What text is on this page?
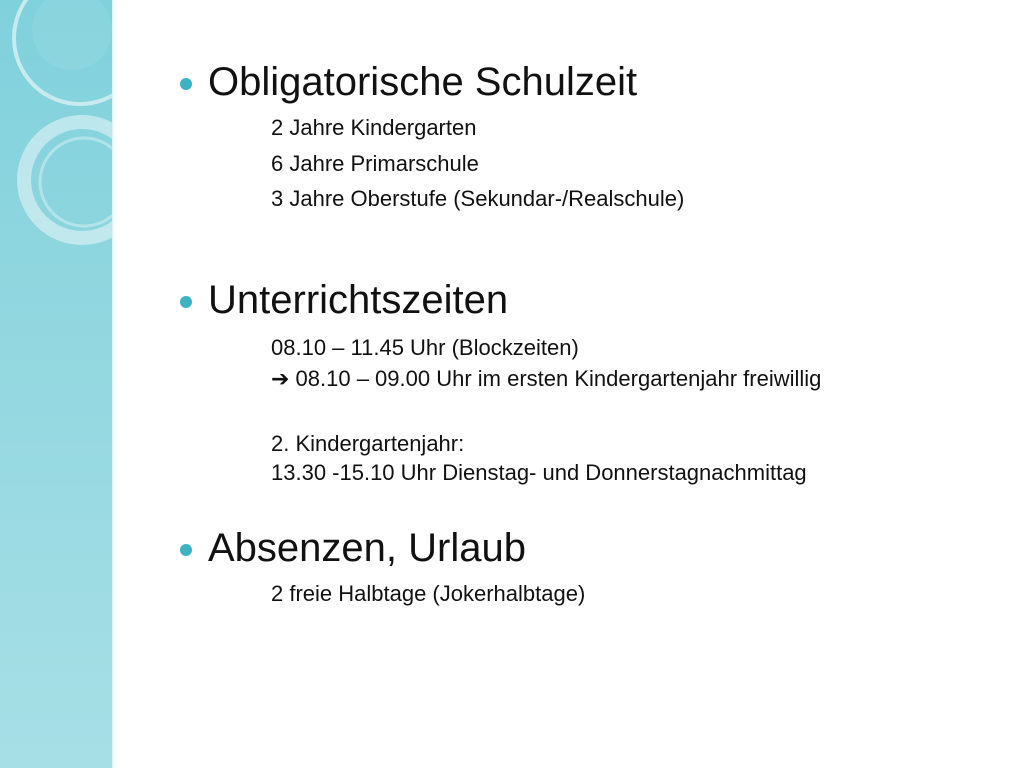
Obligatorische Schulzeit
2 Jahre Kindergarten
6 Jahre Primarschule
3 Jahre Oberstufe (Sekundar-/Realschule)
Unterrichtszeiten
08.10 – 11.45 Uhr (Blockzeiten)
➔ 08.10 – 09.00 Uhr im ersten Kindergartenjahr freiwillig
2. Kindergartenjahr:
13.30 -15.10 Uhr Dienstag- und Donnerstagnachmittag
Absenzen, Urlaub
2 freie Halbtage (Jokerhalbtage)
